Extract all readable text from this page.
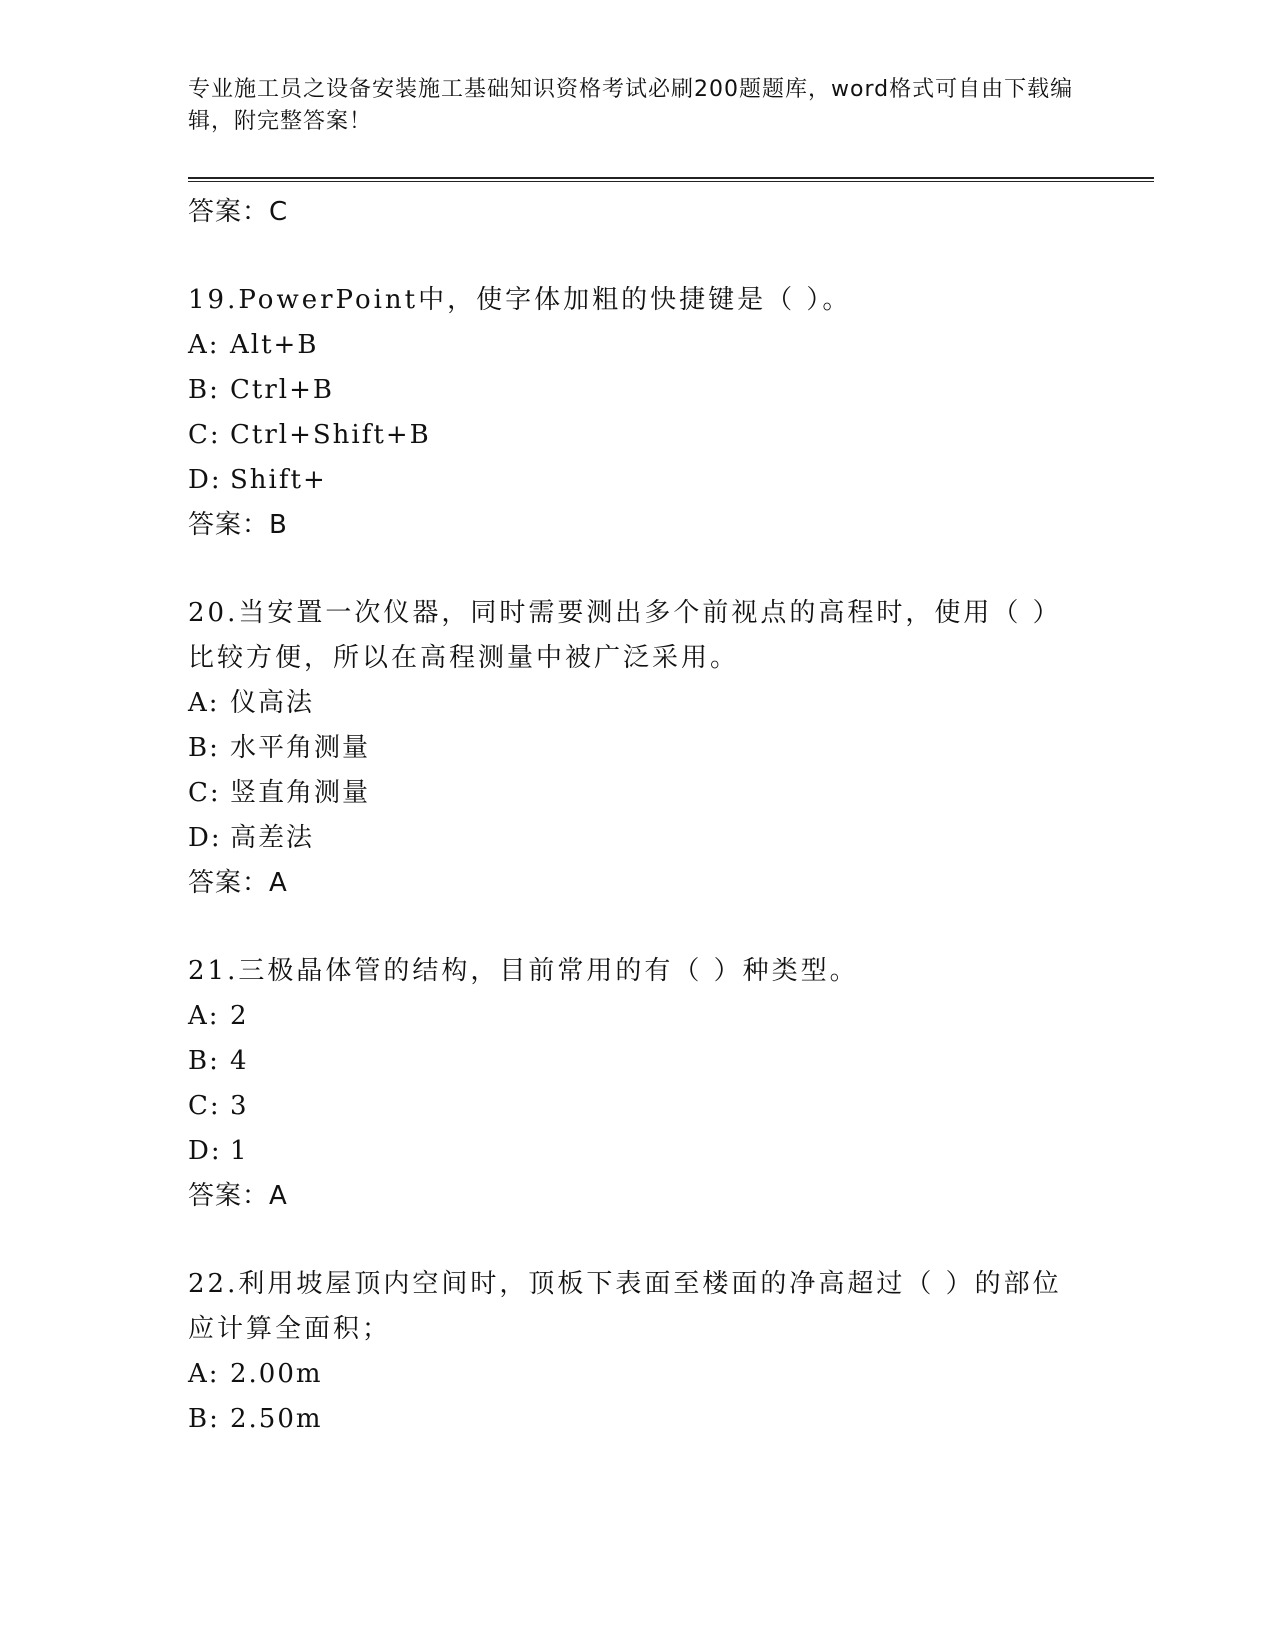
专业施工员之设备安装施工基础知识资格考试必刷200题题库，word格式可自由下载编辑，附完整答案！
答案：C
19.PowerPoint中，使字体加粗的快捷键是（ ）。
A: Alt+B
B: Ctrl+B
C: Ctrl+Shift+B
D: Shift+
答案：B
20.当安置一次仪器，同时需要测出多个前视点的高程时，使用（ ）比较方便，所以在高程测量中被广泛采用。
A: 仪高法
B: 水平角测量
C: 竖直角测量
D: 高差法
答案：A
21.三极晶体管的结构，目前常用的有（ ）种类型。
A: 2
B: 4
C: 3
D: 1
答案：A
22.利用坡屋顶内空间时，顶板下表面至楼面的净高超过（ ）的部位应计算全面积；
A: 2.00m
B: 2.50m
